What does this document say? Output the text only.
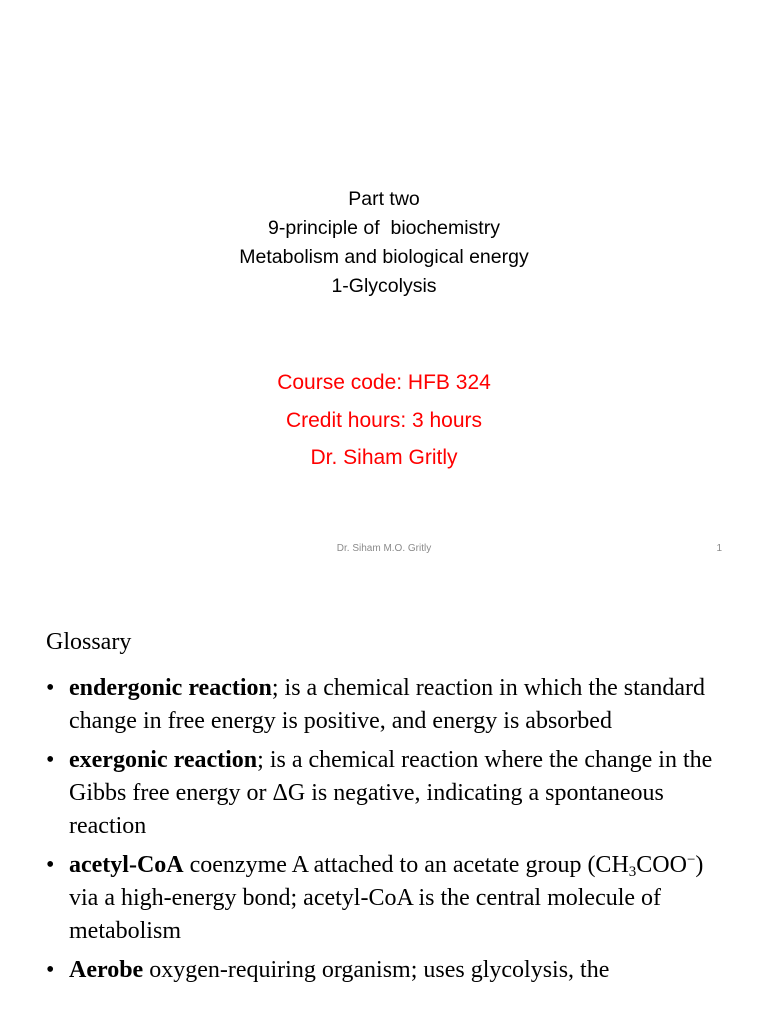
Part two
9-principle of  biochemistry
Metabolism and biological energy
1-Glycolysis
Course code: HFB 324
Credit hours: 3 hours
Dr. Siham Gritly
Dr. Siham M.O. Gritly	1
Glossary
• endergonic reaction; is a chemical reaction in which the standard change in free energy is positive, and energy is absorbed
• exergonic reaction; is a chemical reaction where the change in the Gibbs free energy or ΔG is negative, indicating a spontaneous reaction
• acetyl-CoA coenzyme A attached to an acetate group $(CH_3COO^-)$ via a high-energy bond; acetyl-CoA is the central molecule of metabolism
• Aerobe oxygen-requiring organism; uses glycolysis, the
